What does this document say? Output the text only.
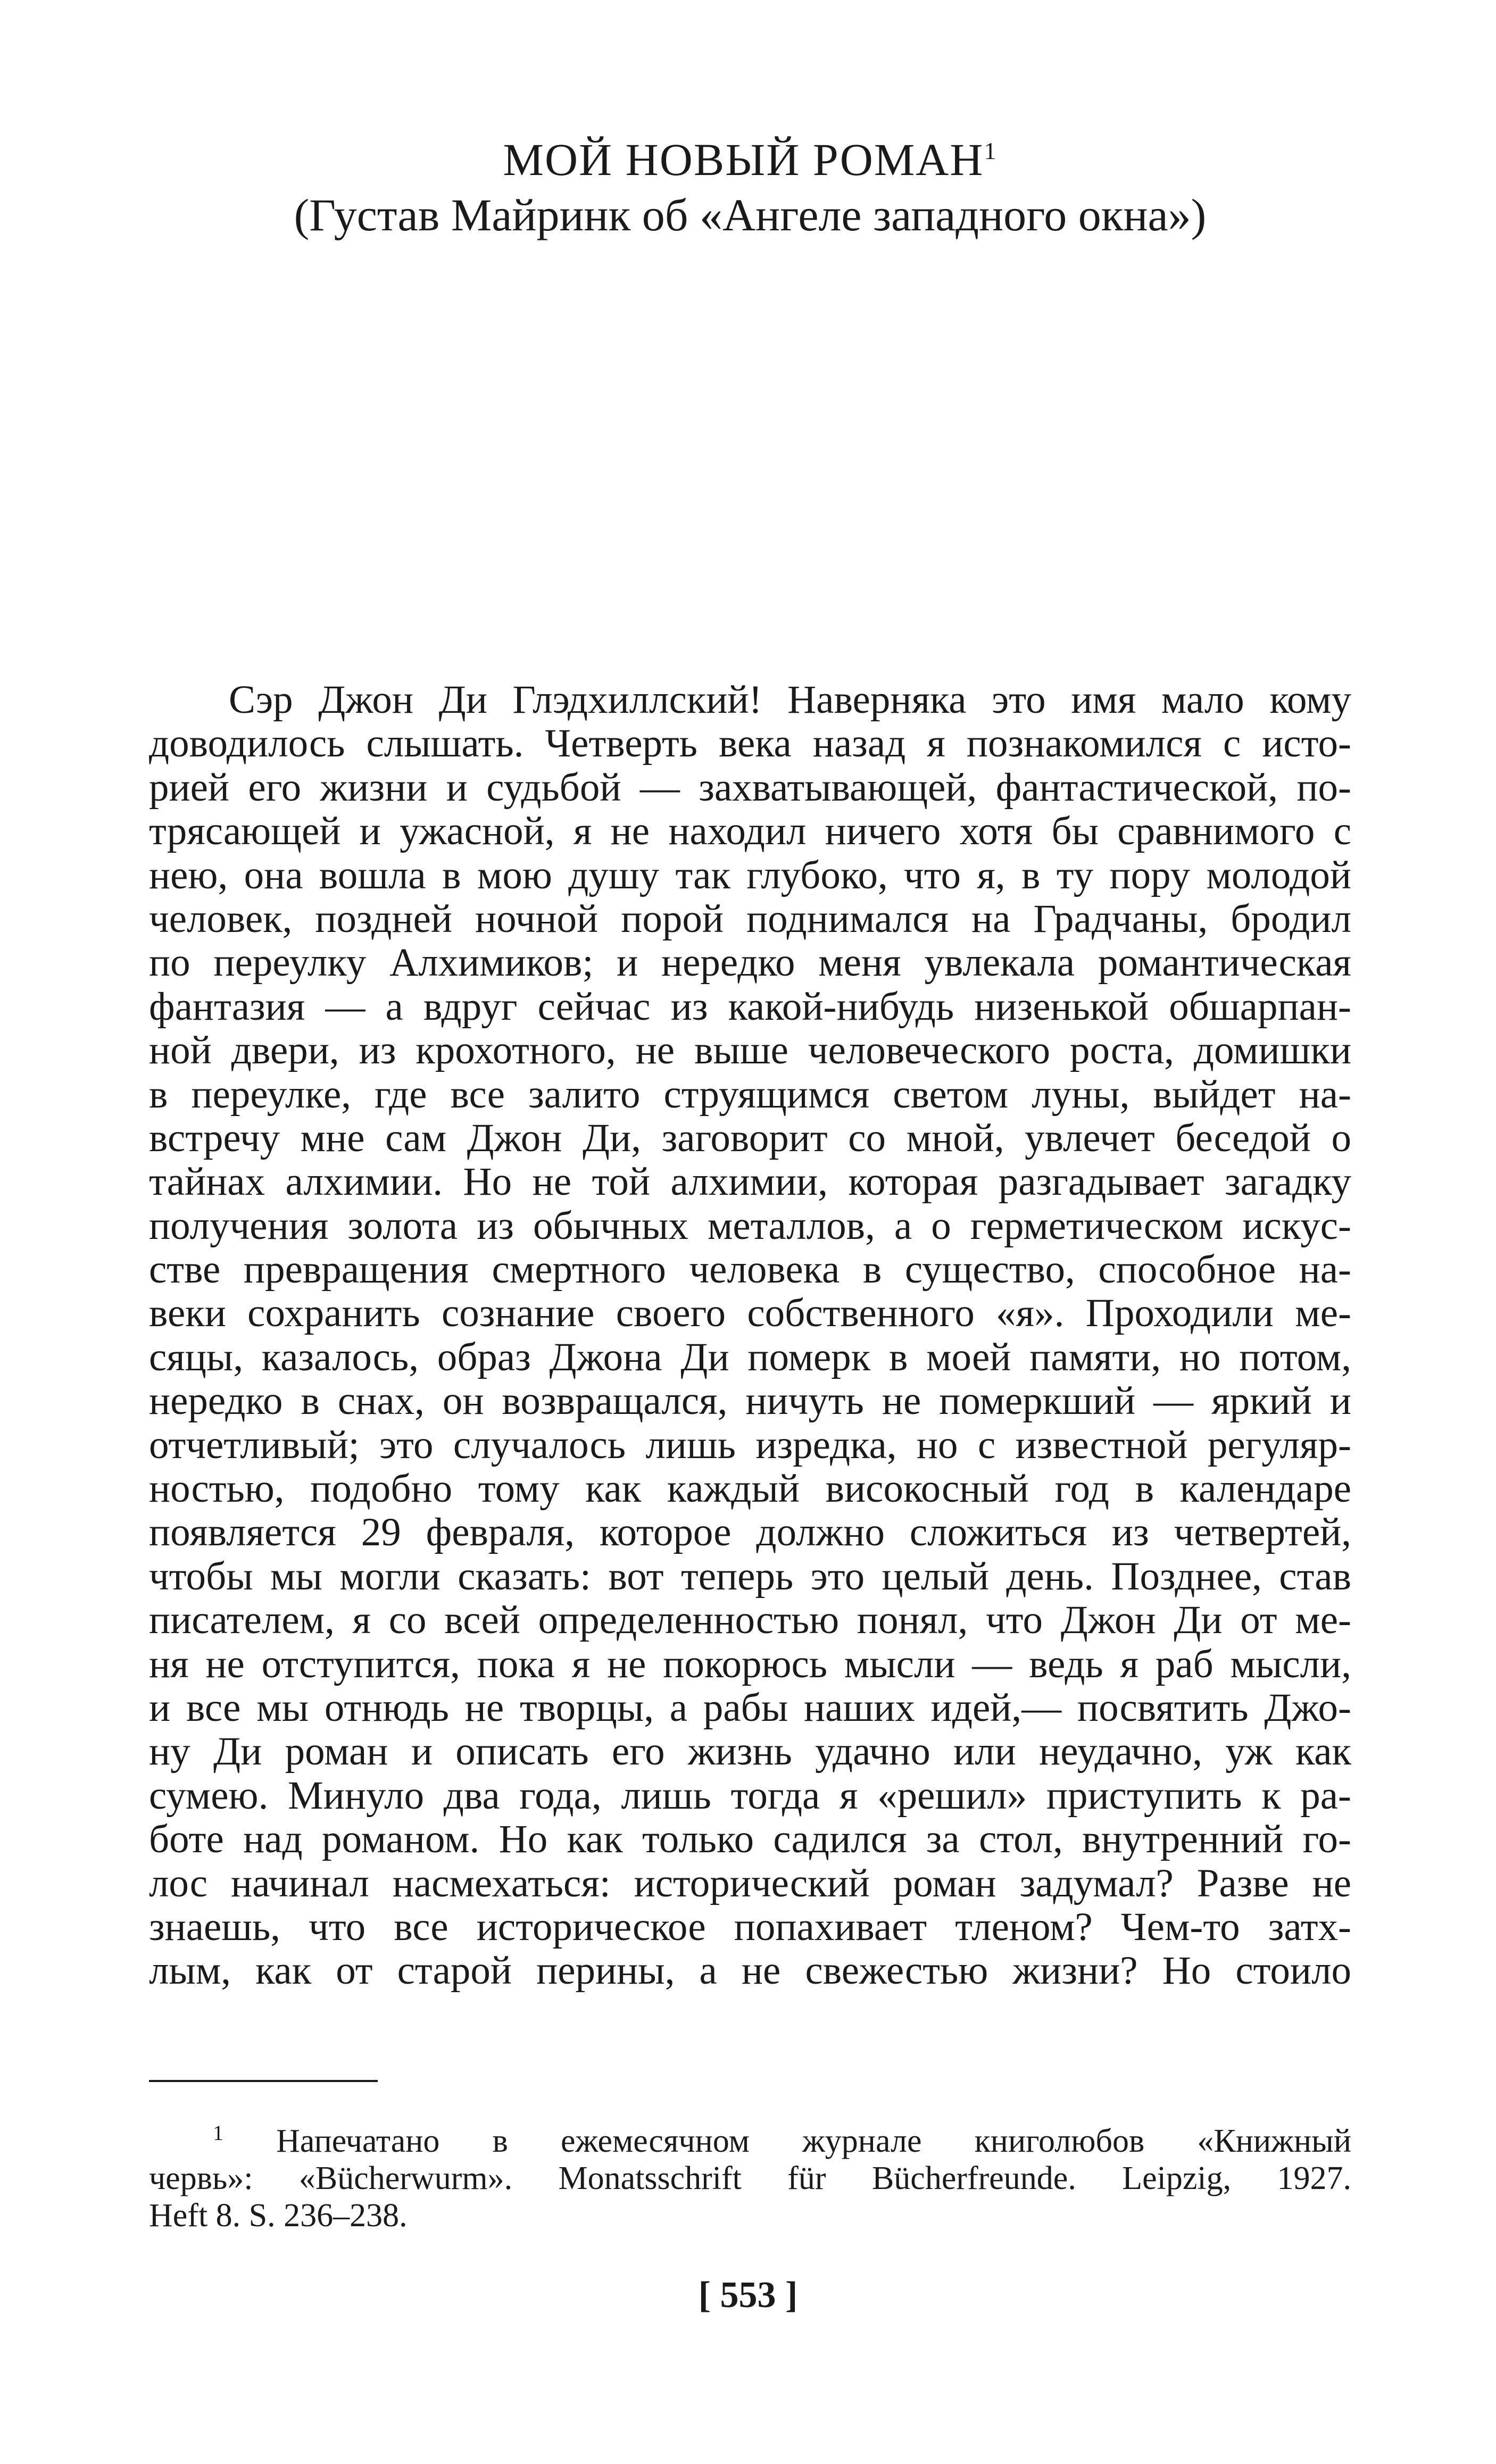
МОЙ НОВЫЙ РОМАН$^1$
(Густав Майринк об «Ангеле западного окна»)
Сэр Джон Ди Глэдхиллский! Наверняка это имя мало кому
доводилось слышать. Четверть века назад я познакомился с исто-
рией его жизни и судьбой — захватывающей, фантастической, по-
трясающей и ужасной, я не находил ничего хотя бы сравнимого с
нею, она вошла в мою душу так глубоко, что я, в ту пору молодой
человек, поздней ночной порой поднимался на Градчаны, бродил
по переулку Алхимиков; и нередко меня увлекала романтическая
фантазия — а вдруг сейчас из какой-нибудь низенькой обшарпан-
ной двери, из крохотного, не выше человеческого роста, домишки
в переулке, где все залито струящимся светом луны, выйдет на-
встречу мне сам Джон Ди, заговорит со мной, увлечет беседой о
тайнах алхимии. Но не той алхимии, которая разгадывает загадку
получения золота из обычных металлов, а о герметическом искус-
стве превращения смертного человека в существо, способное на-
веки сохранить сознание своего собственного «я». Проходили ме-
сяцы, казалось, образ Джона Ди померк в моей памяти, но потом,
нередко в снах, он возвращался, ничуть не померкший — яркий и
отчетливый; это случалось лишь изредка, но с известной регуляр-
ностью, подобно тому как каждый високосный год в календаре
появляется 29 февраля, которое должно сложиться из четвертей,
чтобы мы могли сказать: вот теперь это целый день. Позднее, став
писателем, я со всей определенностью понял, что Джон Ди от ме-
ня не отступится, пока я не покорюсь мысли — ведь я раб мысли,
и все мы отнюдь не творцы, а рабы наших идей,— посвятить Джо-
ну Ди роман и описать его жизнь удачно или неудачно, уж как
сумею. Минуло два года, лишь тогда я «решил» приступить к ра-
боте над романом. Но как только садился за стол, внутренний го-
лос начинал насмехаться: исторический роман задумал? Разве не
знаешь, что все историческое попахивает тленом? Чем-то затх-
лым, как от старой перины, а не свежестью жизни? Но стоило
$^1$ Напечатано в ежемесячном журнале книголюбов «Книжный
червь»: «Bücherwurm». Monatsschrift für Bücherfreunde. Leipzig, 1927.
Heft 8. S. 236–238.
[ 553 ]
